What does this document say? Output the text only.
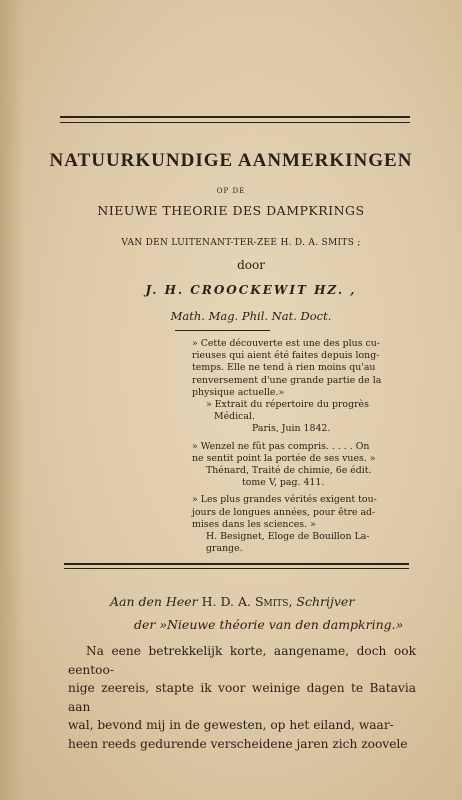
NATUURKUNDIGE AANMERKINGEN
OP DE
NIEUWE THEORIE DES DAMPKRINGS
VAN DEN LUITENANT-TER-ZEE H. D. A. SMITS ;
door
J. H. CROOCKEWIT HZ. ,
Math. Mag. Phil. Nat. Doct.

» Cette découverte est une des plus cu-

rieuses qui aient été faites depuis long-

temps. Elle ne tend à rien moins qu'au

renversement d'une grande partie de la

physique actuelle.»

» Extrait du répertoire du progrès

Médical.

Paris, Juin 1842.

» Wenzel ne fût pas compris. . . . . On

ne sentit point la portée de ses vues. »

Thénard, Traité de chimie, 6e édit.

tome V, pag. 411.

» Les plus grandes vérités exigent tou-

jours de longues années, pour être ad-

mises dans les sciences. »

H. Besignet, Eloge de Bouillon La-

grange.

Aan den Heer H. D. A. Smits, Schrijver
der »Nieuwe théorie van den dampkring.»

Na eene betrekkelijk korte, aangename, doch ook eentoo-

nige zeereis, stapte ik voor weinige dagen te Batavia aan

wal, bevond mij in de gewesten, op het eiland, waar-

heen reeds gedurende verscheidene jaren zich zoovele
